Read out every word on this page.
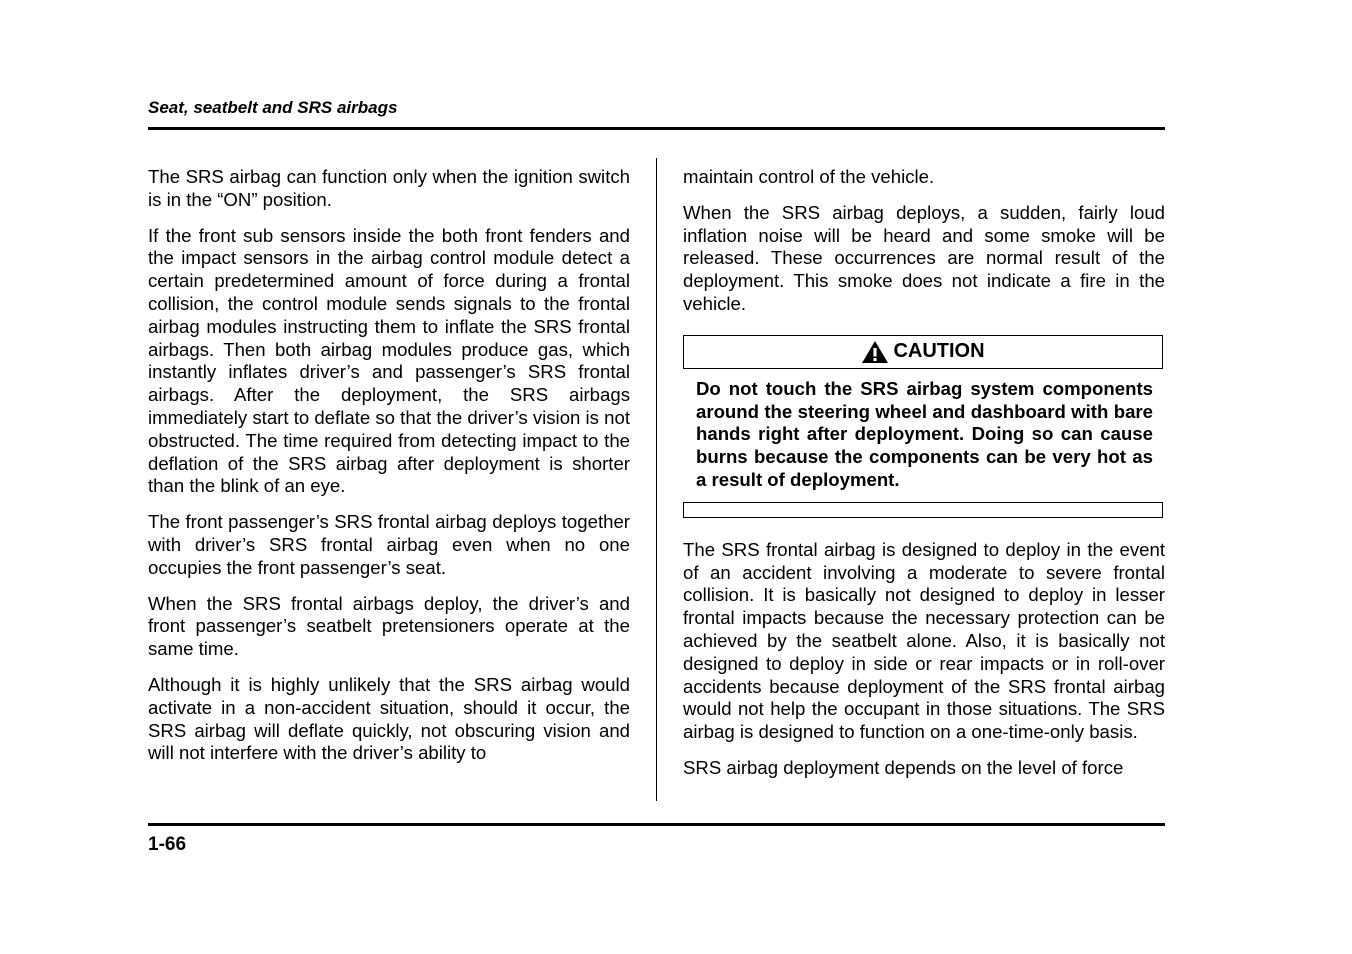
Seat, seatbelt and SRS airbags

The SRS airbag can function only when the ignition switch is in the “ON” position.

If the front sub sensors inside the both front fenders and the impact sensors in the airbag control module detect a certain predetermined amount of force during a frontal collision, the control module sends signals to the frontal airbag modules instructing them to inflate the SRS frontal airbags. Then both airbag modules produce gas, which instantly inflates driver’s and passenger’s SRS frontal airbags. After the deployment, the SRS airbags immediately start to deflate so that the driver’s vision is not obstructed. The time required from detecting impact to the deflation of the SRS airbag after deployment is shorter than the blink of an eye.

The front passenger’s SRS frontal airbag deploys together with driver’s SRS frontal airbag even when no one occupies the front passenger’s seat.

When the SRS frontal airbags deploy, the driver’s and front passenger’s seatbelt pretensioners operate at the same time.

Although it is highly unlikely that the SRS airbag would activate in a non-accident situation, should it occur, the SRS airbag will deflate quickly, not obscuring vision and will not interfere with the driver’s ability to

maintain control of the vehicle.

When the SRS airbag deploys, a sudden, fairly loud inflation noise will be heard and some smoke will be released. These occurrences are normal result of the deployment. This smoke does not indicate a fire in the vehicle.

CAUTION

Do not touch the SRS airbag system components around the steering wheel and dashboard with bare hands right after deployment. Doing so can cause burns because the components can be very hot as a result of deployment.

The SRS frontal airbag is designed to deploy in the event of an accident involving a moderate to severe frontal collision. It is basically not designed to deploy in lesser frontal impacts because the necessary protection can be achieved by the seatbelt alone. Also, it is basically not designed to deploy in side or rear impacts or in roll-over accidents because deployment of the SRS frontal airbag would not help the occupant in those situations. The SRS airbag is designed to function on a one-time-only basis.

SRS airbag deployment depends on the level of force

1-66
